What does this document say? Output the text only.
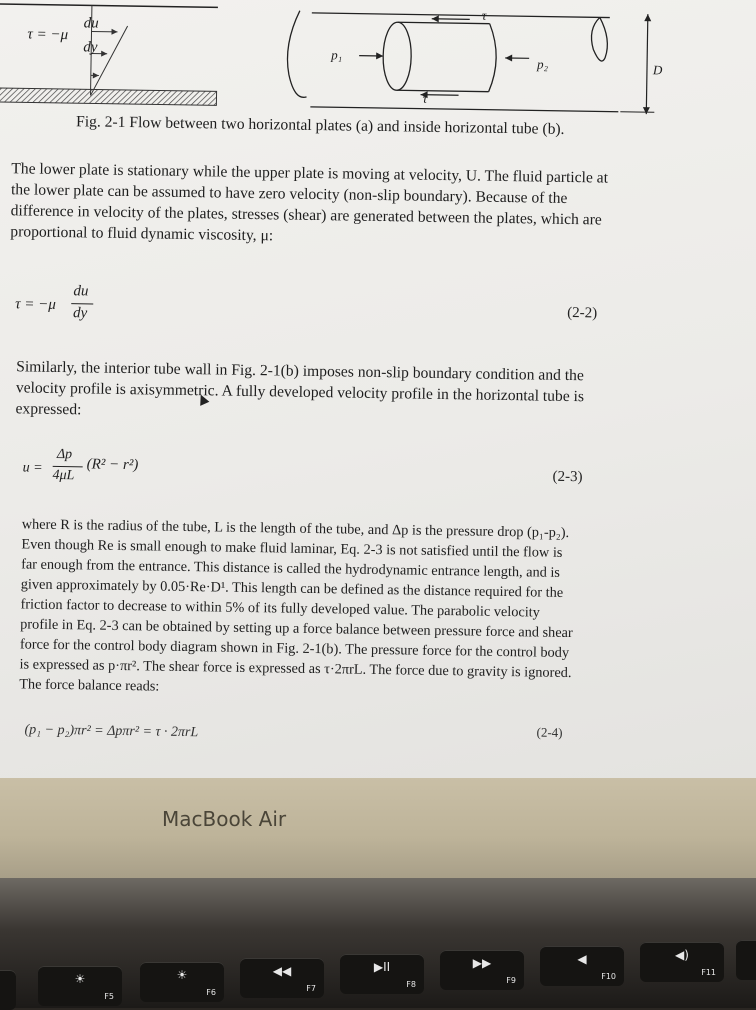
τ = −μ
du
dy
τ
τ
p₁
p₂	D
Fig. 2-1 Flow between two horizontal plates (a) and inside horizontal tube (b).

The lower plate is stationary while the upper plate is moving at velocity, U. The fluid particle at

the lower plate can be assumed to have zero velocity (non-slip boundary). Because of the

difference in velocity of the plates, stresses (shear) are generated between the plates, which are

proportional to fluid dynamic viscosity, μ:

τ = −μ
du
dy	(2-2)

Similarly, the interior tube wall in Fig. 2-1(b) imposes non-slip boundary condition and the

velocity profile is axisymmetric. A fully developed velocity profile in the horizontal tube is

expressed:

u =
Δp
4μL
(R² − r²)
(2-3)

where R is the radius of the tube, L is the length of the tube, and Δp is the pressure drop (p₁-p₂).

Even though Re is small enough to make fluid laminar, Eq. 2-3 is not satisfied until the flow is

far enough from the entrance. This distance is called the hydrodynamic entrance length, and is

given approximately by 0.05·Re·D¹. This length can be defined as the distance required for the

friction factor to decrease to within 5% of its fully developed value. The parabolic velocity

profile in Eq. 2-3 can be obtained by setting up a force balance between pressure force and shear

force for the control body diagram shown in Fig. 2-1(b). The pressure force for the control body

is expressed as p·πr². The shear force is expressed as τ·2πrL. The force due to gravity is ignored.

The force balance reads:

(p₁ − p₂)πr² = Δpπr² = τ · 2πrL	(2-4)
MacBook Air
☀
F5
☀
F6
◀◀
F7
▶II
F8
▶▶
F9
◀
F10
◀)
F11
